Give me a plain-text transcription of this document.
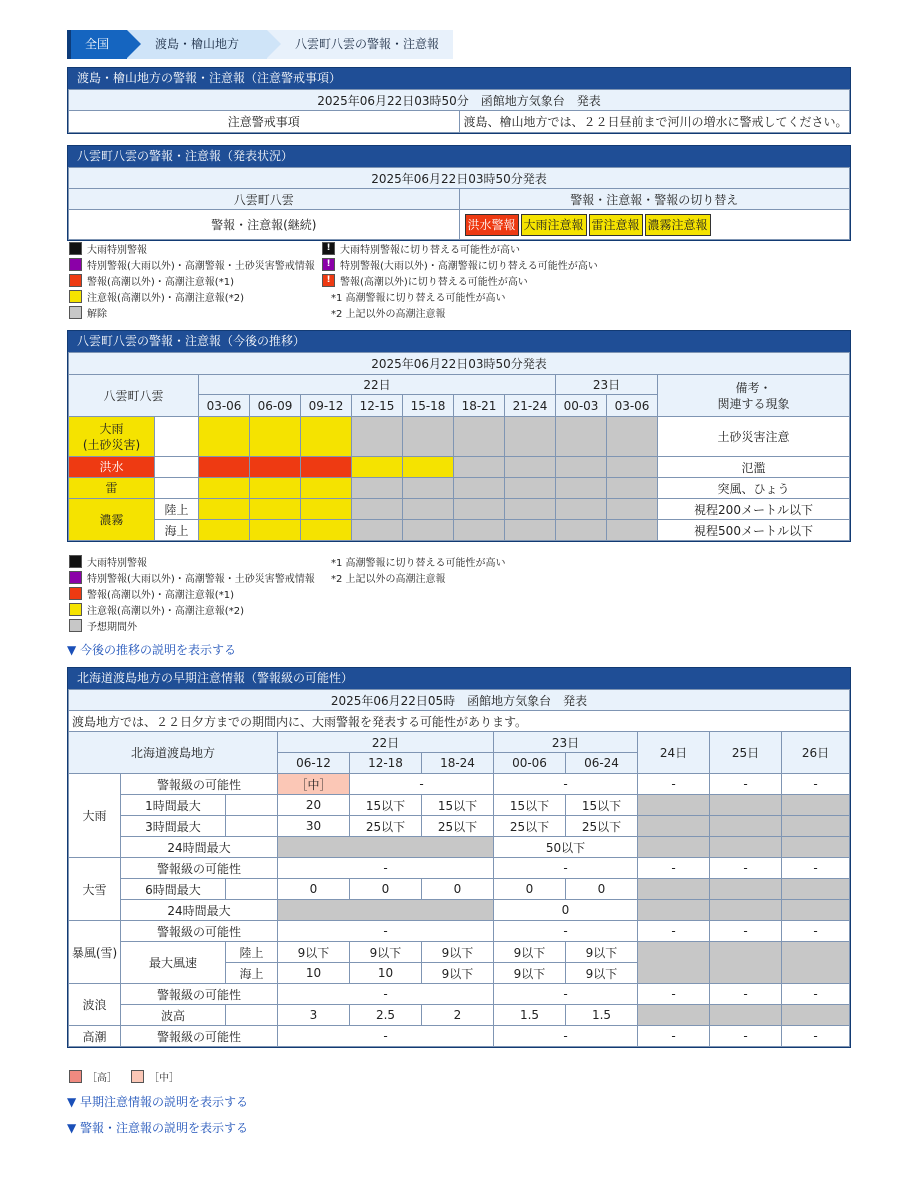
全国	渡島・檜山地方	八雲町八雲の警報・注意報
渡島・檜山地方の警報・注意報（注意警戒事項）
2025年06月22日03時50分　函館地方気象台　発表
注意警戒事項	渡島、檜山地方では、２２日昼前まで河川の増水に警戒してください。
八雲町八雲の警報・注意報（発表状況）
2025年06月22日03時50分発表	
八雲町八雲	警報・注意報・警報の切り替え
警報・注意報(継続)	洪水警報 大雨注意報 雷注意報 濃霧注意報
大雨特別警報
特別警報(大雨以外)・高潮警報・土砂災害警戒情報
警報(高潮以外)・高潮注意報(*1)
注意報(高潮以外)・高潮注意報(*2)
解除
! 大雨特別警報に切り替える可能性が高い
! 特別警報(大雨以外)・高潮警報に切り替える可能性が高い
! 警報(高潮以外)に切り替える可能性が高い
*1 高潮警報に切り替える可能性が高い
*2 上記以外の高潮注意報
八雲町八雲の警報・注意報（今後の推移）
2025年06月22日03時50分発表											
八雲町八雲		22日							23日		備考・
関連する現象
		03-06	06-09	09-12	12-15	15-18	18-21	21-24	00-03	03-06	
大雨
(土砂災害)											土砂災害注意
洪水											氾濫
雷											突風、ひょう
濃霧	陸上										視程200メートル以下
	海上										視程500メートル以下
大雨特別警報
特別警報(大雨以外)・高潮警報・土砂災害警戒情報
警報(高潮以外)・高潮注意報(*1)
注意報(高潮以外)・高潮注意報(*2)
予想期間外
*1 高潮警報に切り替える可能性が高い
*2 上記以外の高潮注意報
▼ 今後の推移の説明を表示する
北海道渡島地方の早期注意情報（警報級の可能性）
2025年06月22日05時　函館地方気象台　発表										
渡島地方では、２２日夕方までの期間内に、大雨警報を発表する可能性があります。										
北海道渡島地方			22日			23日		24日	25日	26日
			06-12	12-18	18-24	00-06	06-24			
大雨	警報級の可能性		［中］	-		-		-	-	-
	1時間最大		20	15以下	15以下	15以下	15以下			
	3時間最大		30	25以下	25以下	25以下	25以下			
	24時間最大					50以下				
大雪	警報級の可能性		-			-		-	-	-
	6時間最大		0	0	0	0	0			
	24時間最大					0				
暴風(雪)	警報級の可能性		-			-		-	-	-
	最大風速	陸上	9以下	9以下	9以下	9以下	9以下			
		海上	10	10	9以下	9以下	9以下			
波浪	警報級の可能性		-			-		-	-	-
	波高		3	2.5	2	1.5	1.5			
高潮	警報級の可能性		-			-		-	-	-
［高］	［中］
▼ 早期注意情報の説明を表示する
▼ 警報・注意報の説明を表示する
